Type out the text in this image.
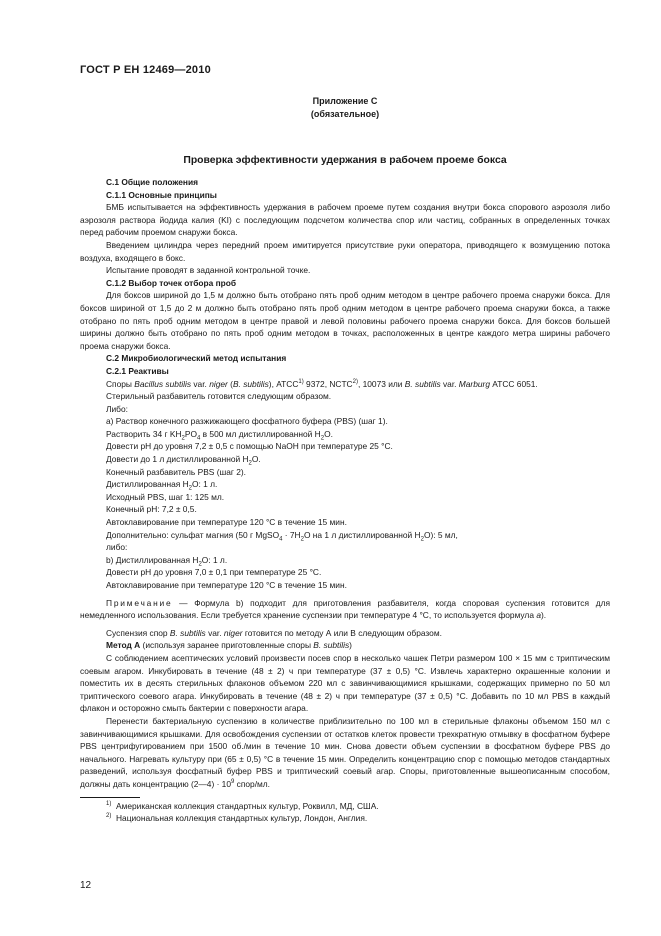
ГОСТ Р ЕН 12469—2010
Приложение С
(обязательное)
Проверка эффективности удержания в рабочем проеме бокса

С.1 Общие положения

С.1.1 Основные принципы

БМБ испытывается на эффективность удержания в рабочем проеме путем создания внутри бокса спорового аэрозоля либо аэрозоля раствора йодида калия (KI) с последующим подсчетом количества спор или частиц, собранных в определенных точках перед рабочим проемом снаружи бокса.

Введением цилиндра через передний проем имитируется присутствие руки оператора, приводящего к возмущению потока воздуха, входящего в бокс.

Испытание проводят в заданной контрольной точке.

С.1.2 Выбор точек отбора проб

Для боксов шириной до 1,5 м должно быть отобрано пять проб одним методом в центре рабочего проема снаружи бокса. Для боксов шириной от 1,5 до 2 м должно быть отобрано пять проб одним методом в центре рабочего проема снаружи бокса, а также отобрано по пять проб одним методом в центре правой и левой половины рабочего проема снаружи бокса. Для боксов большей ширины должно быть отобрано по пять проб одним методом в точках, расположенных в центре каждого метра ширины рабочего проема снаружи бокса.

С.2 Микробиологический метод испытания

С.2.1 Реактивы

Споры Bacillus subtilis var. niger (B. subtilis), АТСС$^{1)}$ 9372, NCTC$^{2)}$, 10073 или B. subtilis var. Marburg АТСС 6051.

Стерильный разбавитель готовится следующим образом.

Либо:

а) Раствор конечного разжижающего фосфатного буфера (PBS) (шаг 1).

Растворить 34 г $KH_2PO_4$ в 500 мл дистиллированной $H_2O$.

Довести pH до уровня 7,2 ± 0,5 с помощью NaOH при температуре 25 °С.

Довести до 1 л дистиллированной $H_2O$.

Конечный разбавитель PBS (шаг 2).

Дистиллированная $H_2O$: 1 л.

Исходный PBS, шаг 1: 125 мл.

Конечный pH: 7,2 ± 0,5.

Автоклавирование при температуре 120 °С в течение 15 мин.

Дополнительно: сульфат магния (50 г MgSO$_4$ · $7H_2O$ на 1 л дистиллированной $H_2O$): 5 мл,

либо:

b) Дистиллированная $H_2O$: 1 л.

Довести pH до уровня 7,0 ± 0,1 при температуре 25 °С.

Автоклавирование при температуре 120 °С в течение 15 мин.

Примечание — Формула b) подходит для приготовления разбавителя, когда споровая суспензия готовится для немедленного использования. Если требуется хранение суспензии при температуре 4 °С, то используется формула а).

Суспензия спор B. subtilis var. niger готовится по методу А или В следующим образом.

Метод А (используя заранее приготовленные споры B. subtilis)

С соблюдением асептических условий произвести посев спор в несколько чашек Петри размером 100 × 15 мм с триптическим соевым агаром. Инкубировать в течение (48 ± 2) ч при температуре (37 ± 0,5) °С. Извлечь характерно окрашенные колонии и поместить их в десять стерильных флаконов объемом 220 мл с завинчивающимися крышками, содержащих примерно по 50 мл триптического соевого агара. Инкубировать в течение (48 ± 2) ч при температуре (37 ± 0,5) °С. Добавить по 10 мл PBS в каждый флакон и осторожно смыть бактерии с поверхности агара.

Перенести бактериальную суспензию в количестве приблизительно по 100 мл в стерильные флаконы объемом 150 мл с завинчивающимися крышками. Для освобождения суспензии от остатков клеток провести трехкратную отмывку в фосфатном буфере PBS центрифугированием при 1500 об./мин в течение 10 мин. Снова довести объем суспензии в фосфатном буфере PBS до начального. Нагревать культуру при (65 ± 0,5) °С в течение 15 мин. Определить концентрацию спор с помощью методов стандартных разведений, используя фосфатный буфер PBS и триптический соевый агар. Споры, приготовленные вышеописанным способом, должны дать концентрацию (2—4) · $10^9$ спор/мл.

$^{1)}$ Американская коллекция стандартных культур, Роквилл, МД, США.

$^{2)}$ Национальная коллекция стандартных культур, Лондон, Англия.

12
